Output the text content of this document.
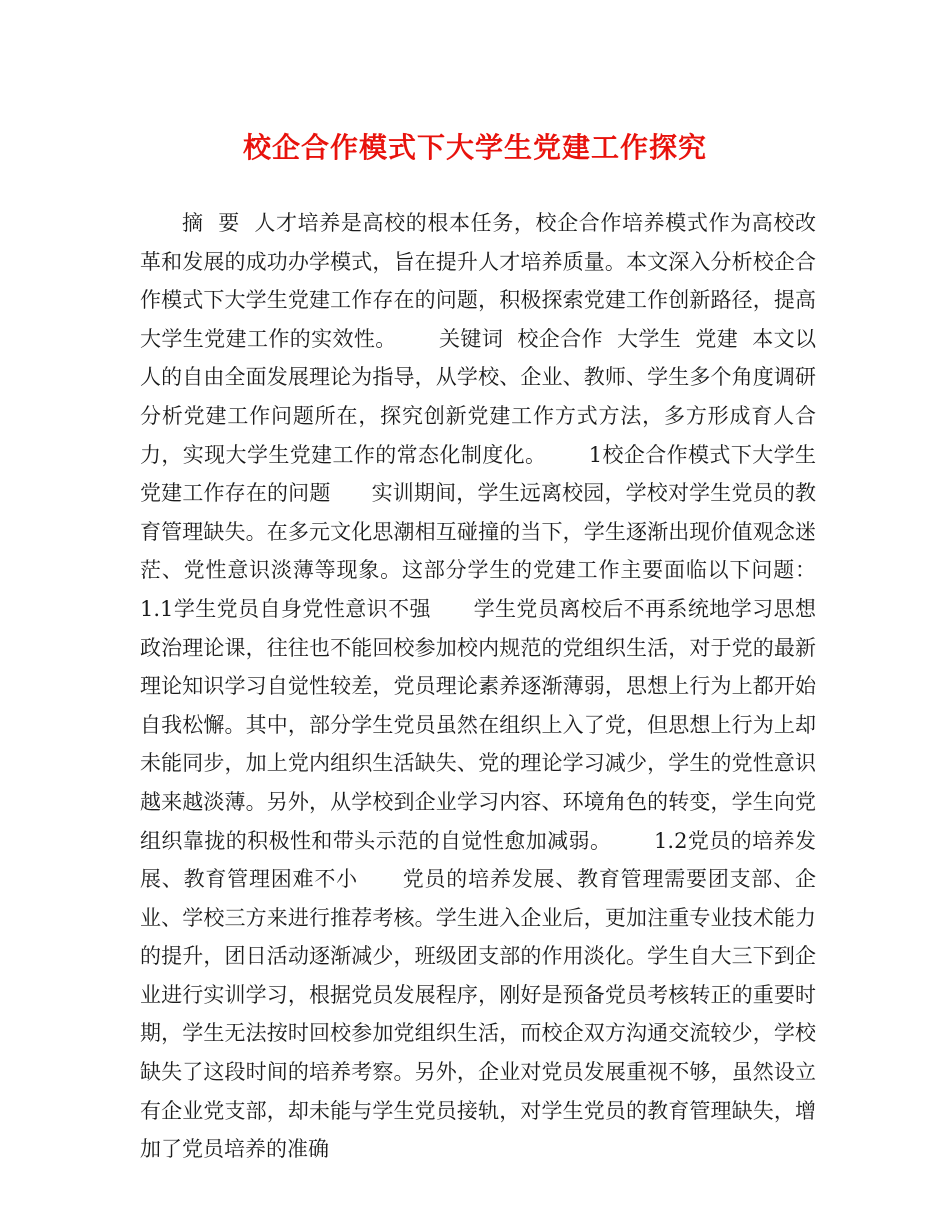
校企合作模式下大学生党建工作探究

摘  要  人才培养是高校的根本任务，校企合作培养模式作为高校改革和发展的成功办学模式，旨在提升人才培养质量。本文深入分析校企合作模式下大学生党建工作存在的问题，积极探索党建工作创新路径，提高大学生党建工作的实效性。      关键词  校企合作  大学生  党建  本文以人的自由全面发展理论为指导，从学校、企业、教师、学生多个角度调研分析党建工作问题所在，探究创新党建工作方式方法，多方形成育人合力，实现大学生党建工作的常态化制度化。      1校企合作模式下大学生党建工作存在的问题      实训期间，学生远离校园，学校对学生党员的教育管理缺失。在多元文化思潮相互碰撞的当下，学生逐渐出现价值观念迷茫、党性意识淡薄等现象。这部分学生的党建工作主要面临以下问题：      1.1学生党员自身党性意识不强      学生党员离校后不再系统地学习思想政治理论课，往往也不能回校参加校内规范的党组织生活，对于党的最新理论知识学习自觉性较差，党员理论素养逐渐薄弱，思想上行为上都开始自我松懈。其中，部分学生党员虽然在组织上入了党，但思想上行为上却未能同步，加上党内组织生活缺失、党的理论学习减少，学生的党性意识越来越淡薄。另外，从学校到企业学习内容、环境角色的转变，学生向党组织靠拢的积极性和带头示范的自觉性愈加减弱。      1.2党员的培养发展、教育管理困难不小      党员的培养发展、教育管理需要团支部、企业、学校三方来进行推荐考核。学生进入企业后，更加注重专业技术能力的提升，团日活动逐渐减少，班级团支部的作用淡化。学生自大三下到企业进行实训学习，根据党员发展程序，刚好是预备党员考核转正的重要时期，学生无法按时回校参加党组织生活，而校企双方沟通交流较少，学校缺失了这段时间的培养考察。另外，企业对党员发展重视不够，虽然设立有企业党支部，却未能与学生党员接轨，对学生党员的教育管理缺失，增加了党员培养的准确
